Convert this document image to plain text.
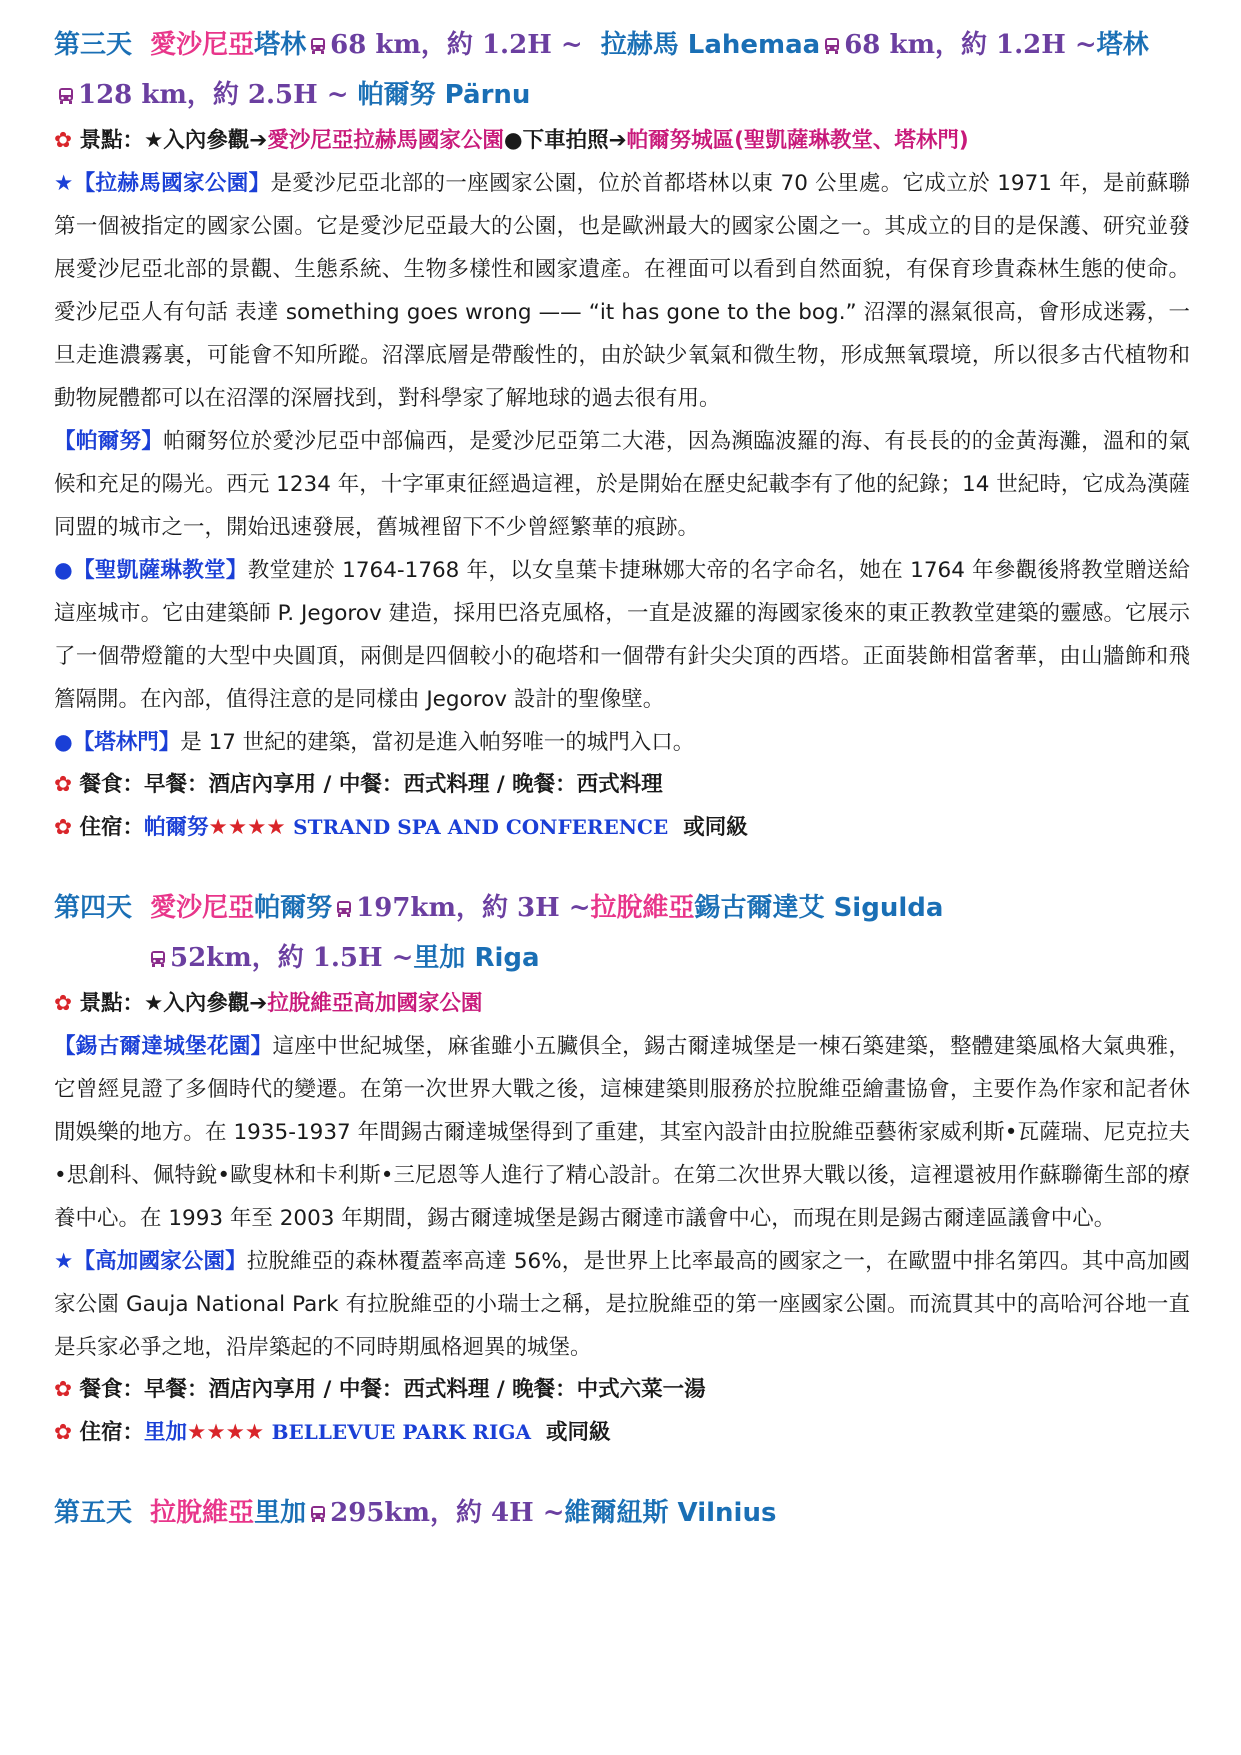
第三天 愛沙尼亞塔林 68 km，約 1.2H ~ 拉赫馬 Lahemaa 68 km，約 1.2H ~塔林
128 km，約 2.5H ~ 帕爾努 Pärnu

✿ 景點：★入內參觀➔愛沙尼亞拉赫馬國家公園●下車拍照➔帕爾努城區(聖凱薩琳教堂、塔林門)

★【拉赫馬國家公園】是愛沙尼亞北部的一座國家公園，位於首都塔林以東 70 公里處。它成立於 1971 年，是前蘇聯第一個被指定的國家公園。它是愛沙尼亞最大的公園，也是歐洲最大的國家公園之一。其成立的目的是保護、研究並發展愛沙尼亞北部的景觀、生態系統、生物多樣性和國家遺產。在裡面可以看到自然面貌，有保育珍貴森林生態的使命。愛沙尼亞人有句話 表達 something goes wrong —— “it has gone to the bog.” 沼澤的濕氣很高，會形成迷霧，一旦走進濃霧裏，可能會不知所蹤。沼澤底層是帶酸性的，由於缺少氧氣和微生物，形成無氧環境，所以很多古代植物和動物屍體都可以在沼澤的深層找到，對科學家了解地球的過去很有用。

【帕爾努】帕爾努位於愛沙尼亞中部偏西，是愛沙尼亞第二大港，因為瀕臨波羅的海、有長長的的金黃海灘，溫和的氣候和充足的陽光。西元 1234 年，十字軍東征經過這裡，於是開始在歷史紀載李有了他的紀錄；14 世紀時，它成為漢薩同盟的城市之一，開始迅速發展，舊城裡留下不少曾經繁華的痕跡。

●【聖凱薩琳教堂】教堂建於 1764-1768 年，以女皇葉卡捷琳娜大帝的名字命名，她在 1764 年參觀後將教堂贈送給這座城市。它由建築師 P. Jegorov 建造，採用巴洛克風格，一直是波羅的海國家後來的東正教教堂建築的靈感。它展示了一個帶燈籠的大型中央圓頂，兩側是四個較小的砲塔和一個帶有針尖尖頂的西塔。正面裝飾相當奢華，由山牆飾和飛簷隔開。在內部，值得注意的是同樣由 Jegorov 設計的聖像壁。

●【塔林門】是 17 世紀的建築，當初是進入帕努唯一的城門入口。

✿ 餐食：早餐：酒店內享用 / 中餐：西式料理 / 晚餐：西式料理

✿ 住宿：帕爾努★★★★ STRAND SPA AND CONFERENCE 或同級

第四天 愛沙尼亞帕爾努 197km，約 3H ~拉脫維亞錫古爾達艾 Sigulda
52km，約 1.5H ~里加 Riga

✿ 景點：★入內參觀➔拉脫維亞高加國家公園

【錫古爾達城堡花園】這座中世紀城堡，麻雀雖小五臟俱全，錫古爾達城堡是一棟石築建築，整體建築風格大氣典雅，它曾經見證了多個時代的變遷。在第一次世界大戰之後，這棟建築則服務於拉脫維亞繪畫協會，主要作為作家和記者休閒娛樂的地方。在 1935-1937 年間錫古爾達城堡得到了重建，其室內設計由拉脫維亞藝術家威利斯•瓦薩瑞、尼克拉夫•思創科、佩特銳•歐叟林和卡利斯•三尼恩等人進行了精心設計。在第二次世界大戰以後，這裡還被用作蘇聯衛生部的療養中心。在 1993 年至 2003 年期間，錫古爾達城堡是錫古爾達市議會中心，而現在則是錫古爾達區議會中心。

★【高加國家公園】拉脫維亞的森林覆蓋率高達 56%，是世界上比率最高的國家之一，在歐盟中排名第四。其中高加國家公園 Gauja National Park 有拉脫維亞的小瑞士之稱，是拉脫維亞的第一座國家公園。而流貫其中的高哈河谷地一直是兵家必爭之地，沿岸築起的不同時期風格迴異的城堡。

✿ 餐食：早餐：酒店內享用 / 中餐：西式料理 / 晚餐：中式六菜一湯

✿ 住宿：里加★★★★ BELLEVUE PARK RIGA 或同級

第五天 拉脫維亞里加 295km，約 4H ~維爾紐斯 Vilnius
